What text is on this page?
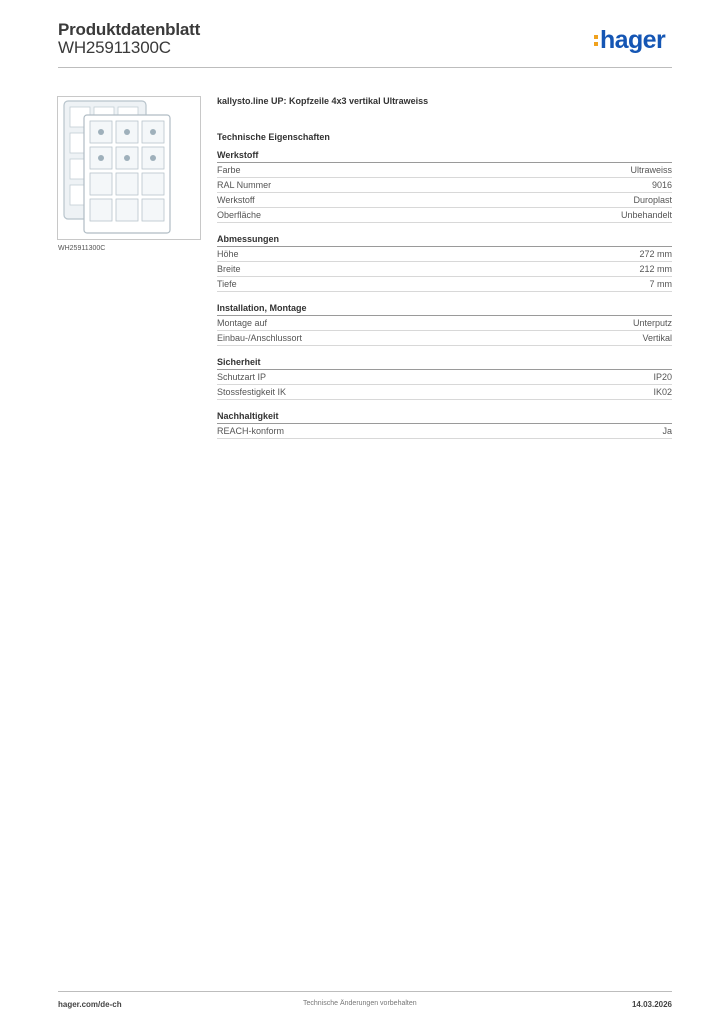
Produktdatenblatt
WH25911300C	hager
WH25911300C
kallysto.line UP: Kopfzeile 4x3 vertikal Ultraweiss
Technische Eigenschaften
Werkstoff
Farbe	Ultraweiss
RAL Nummer	9016
Werkstoff	Duroplast
Oberfläche	Unbehandelt
Abmessungen
Höhe	272 mm
Breite	212 mm
Tiefe	7 mm
Installation, Montage
Montage auf	Unterputz
Einbau-/Anschlussort	Vertikal
Sicherheit
Schutzart IP	IP20
Stossfestigkeit IK	IK02
Nachhaltigkeit
REACH-konform	Ja
hager.com/de-ch	Technische Änderungen vorbehalten	14.03.2026
